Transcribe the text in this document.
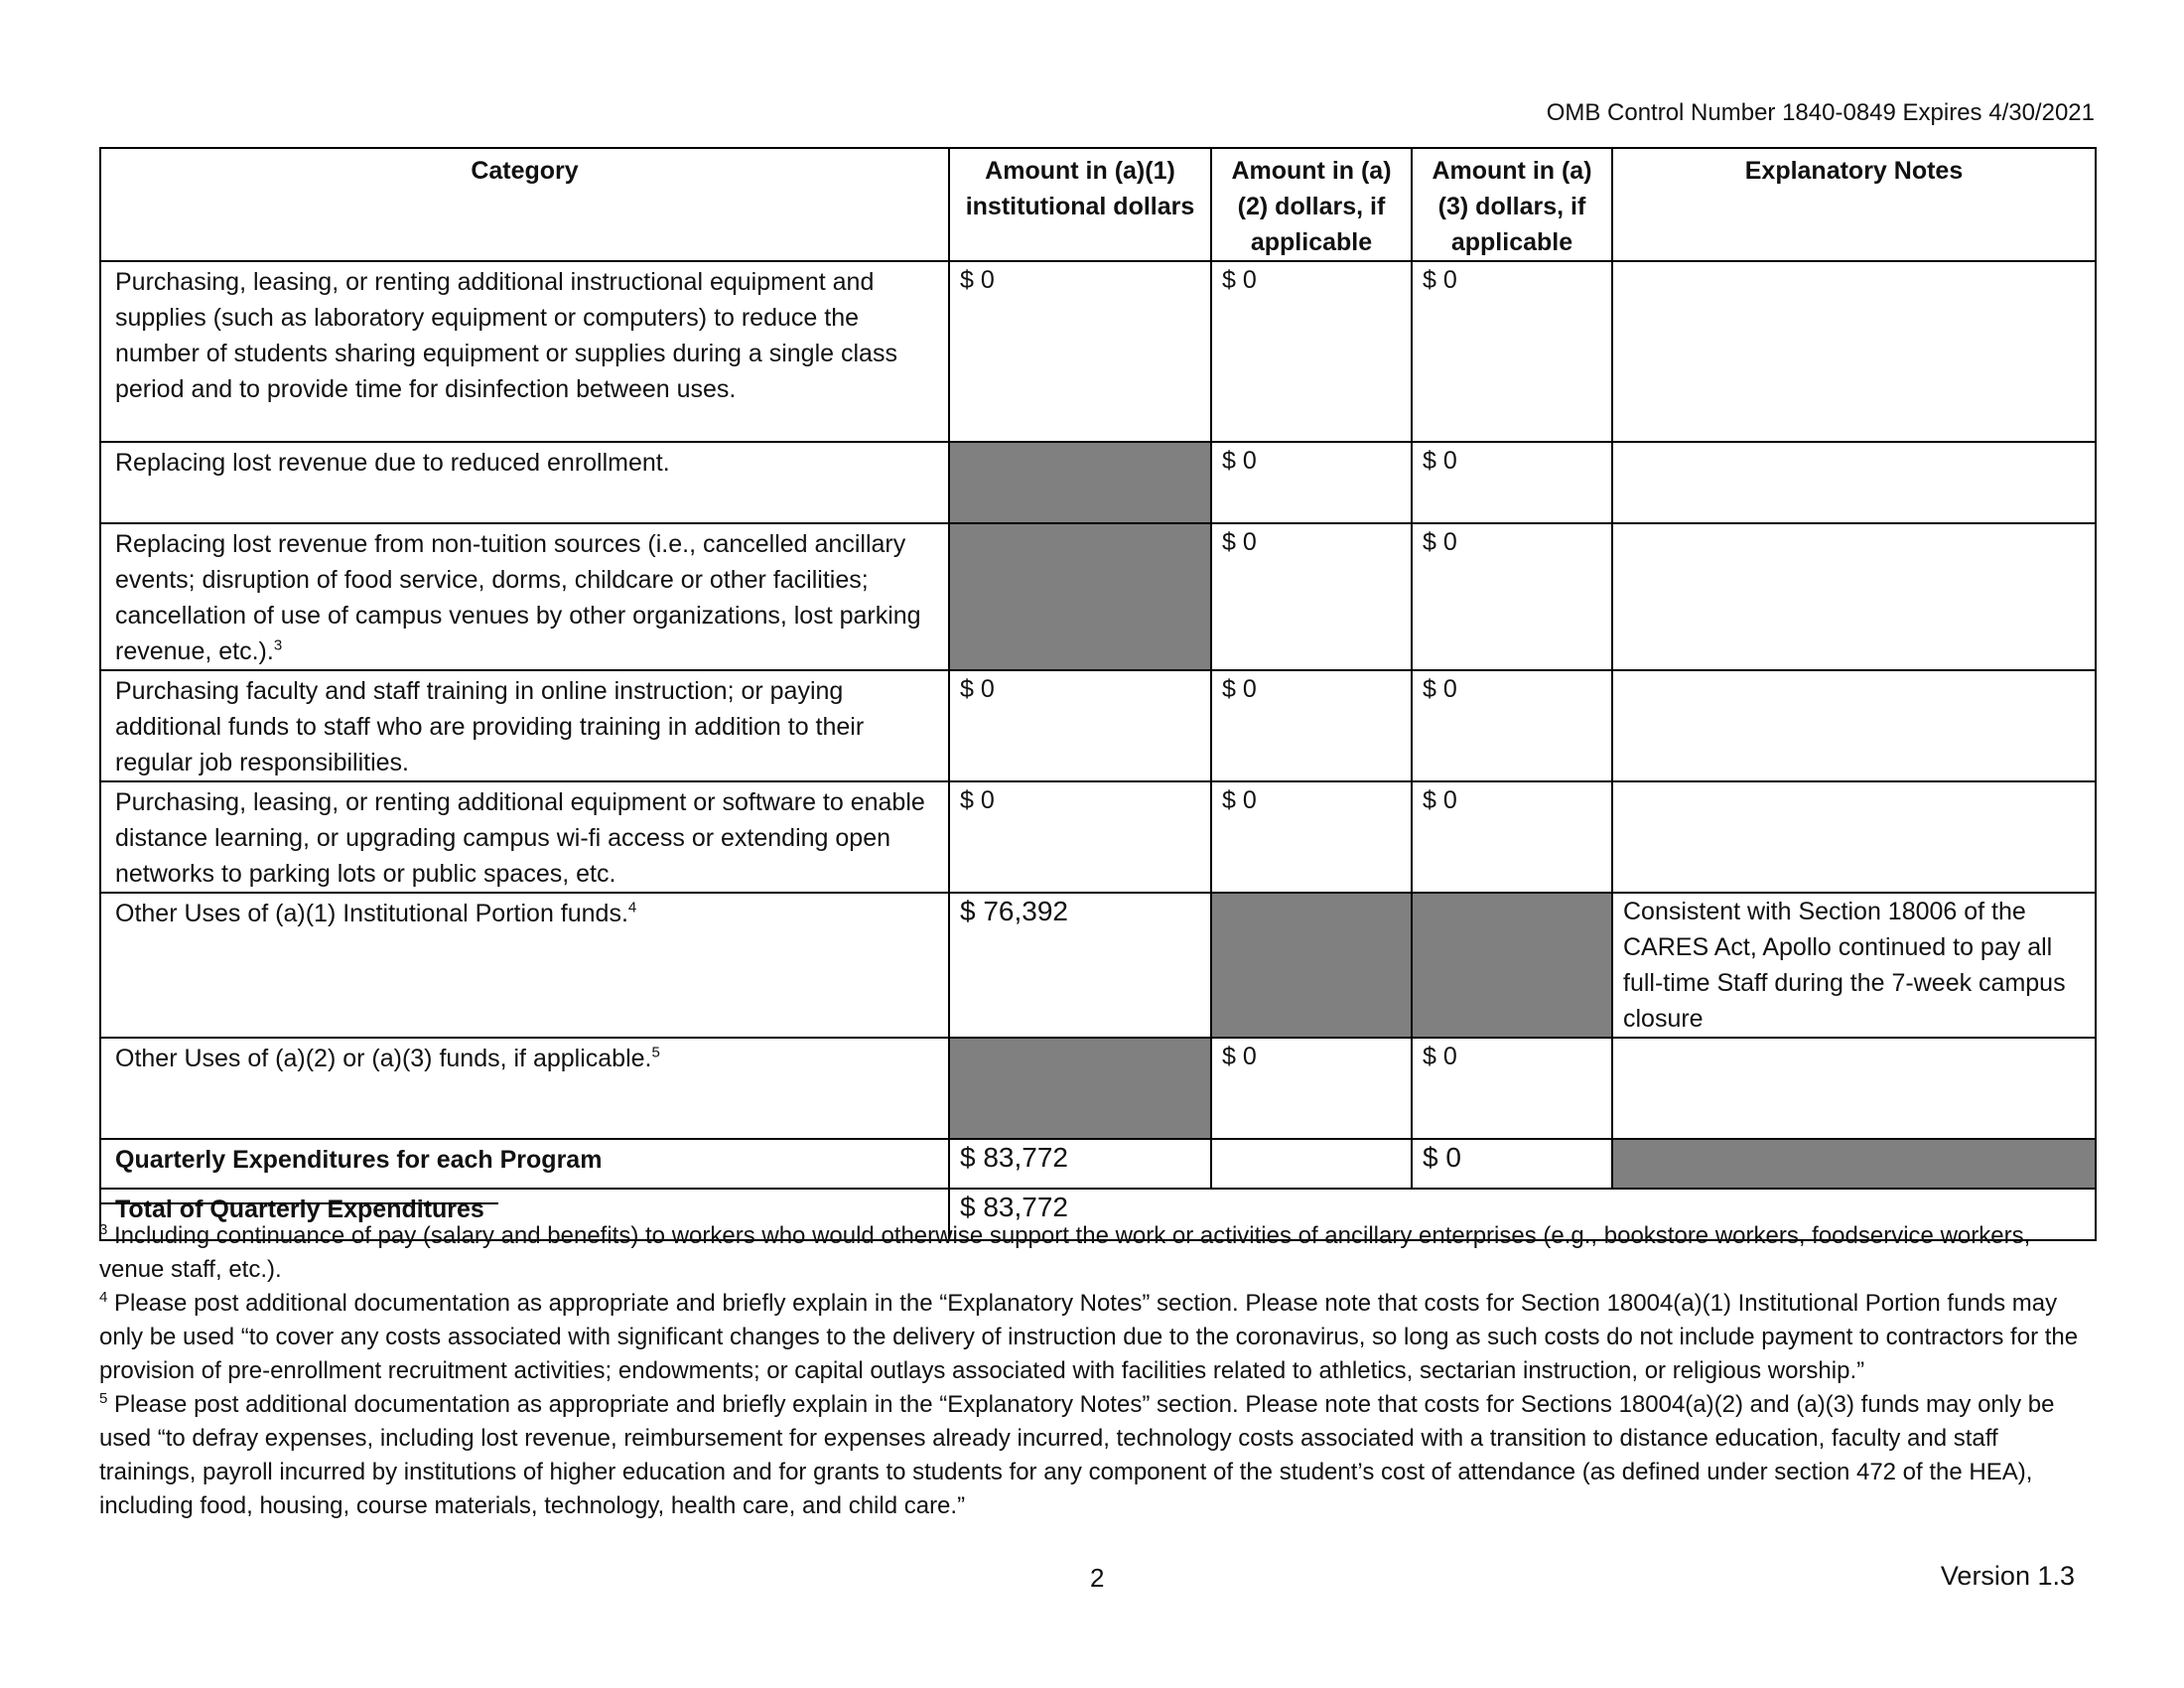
OMB Control Number 1840-0849 Expires 4/30/2021
Category	Amount in (a)(1) institutional dollars	Amount in (a)(2) dollars, if applicable	Amount in (a)(3) dollars, if applicable	Explanatory Notes
Purchasing, leasing, or renting additional instructional equipment and supplies (such as laboratory equipment or computers) to reduce the number of students sharing equipment or supplies during a single class period and to provide time for disinfection between uses.	$ 0	$ 0	$ 0	
Replacing lost revenue due to reduced enrollment.		$ 0	$ 0	
Replacing lost revenue from non-tuition sources (i.e., cancelled ancillary events; disruption of food service, dorms, childcare or other facilities; cancellation of use of campus venues by other organizations, lost parking revenue, etc.).$^3$		$ 0	$ 0	
Purchasing faculty and staff training in online instruction; or paying additional funds to staff who are providing training in addition to their regular job responsibilities.	$ 0	$ 0	$ 0	
Purchasing, leasing, or renting additional equipment or software to enable distance learning, or upgrading campus wi-fi access or extending open networks to parking lots or public spaces, etc.	$ 0	$ 0	$ 0	
Other Uses of (a)(1) Institutional Portion funds.$^4$	$ 76,392			Consistent with Section 18006 of the CARES Act, Apollo continued to pay all full-time Staff during the 7-week campus closure
Other Uses of (a)(2) or (a)(3) funds, if applicable.$^5$		$ 0	$ 0	
Quarterly Expenditures for each Program	$ 83,772		$ 0	
Total of Quarterly Expenditures	$ 83,772			

$^3$ Including continuance of pay (salary and benefits) to workers who would otherwise support the work or activities of ancillary enterprises (e.g., bookstore workers, foodservice workers, venue staff, etc.).

$^4$ Please post additional documentation as appropriate and briefly explain in the “Explanatory Notes” section. Please note that costs for Section 18004(a)(1) Institutional Portion funds may only be used “to cover any costs associated with significant changes to the delivery of instruction due to the coronavirus, so long as such costs do not include payment to contractors for the provision of pre-enrollment recruitment activities; endowments; or capital outlays associated with facilities related to athletics, sectarian instruction, or religious worship.”

$^5$ Please post additional documentation as appropriate and briefly explain in the “Explanatory Notes” section. Please note that costs for Sections 18004(a)(2) and (a)(3) funds may only be used “to defray expenses, including lost revenue, reimbursement for expenses already incurred, technology costs associated with a transition to distance education, faculty and staff trainings, payroll incurred by institutions of higher education and for grants to students for any component of the student’s cost of attendance (as defined under section 472 of the HEA), including food, housing, course materials, technology, health care, and child care.”

2	Version 1.3
